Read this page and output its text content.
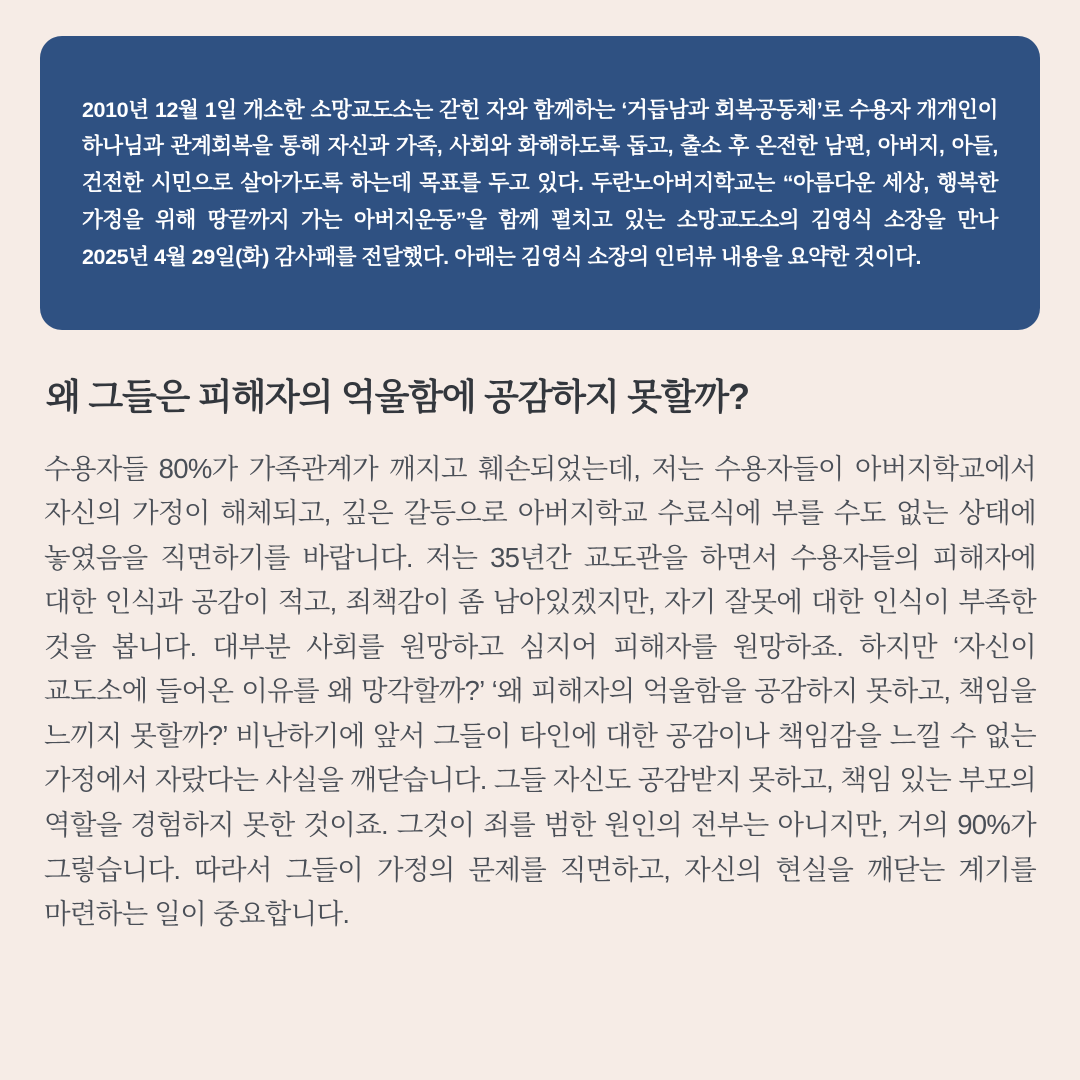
2010년 12월 1일 개소한 소망교도소는 갇힌 자와 함께하는 ‘거듭남과 회복공동체’로 수용자 개개인이 하나님과 관계회복을 통해 자신과 가족, 사회와 화해하도록 돕고, 출소 후 온전한 남편, 아버지, 아들, 건전한 시민으로 살아가도록 하는데 목표를 두고 있다. 두란노아버지학교는 “아름다운 세상, 행복한 가정을 위해 땅끝까지 가는 아버지운동”을 함께 펼치고 있는 소망교도소의 김영식 소장을 만나 2025년 4월 29일(화) 감사패를 전달했다. 아래는 김영식 소장의 인터뷰 내용을 요약한 것이다.

왜 그들은 피해자의 억울함에 공감하지 못할까?

수용자들 80%가 가족관계가 깨지고 훼손되었는데, 저는 수용자들이 아버지학교에서 자신의 가정이 해체되고, 깊은 갈등으로 아버지학교 수료식에 부를 수도 없는 상태에 놓였음을 직면하기를 바랍니다. 저는 35년간 교도관을 하면서 수용자들의 피해자에 대한 인식과 공감이 적고, 죄책감이 좀 남아있겠지만, 자기 잘못에 대한 인식이 부족한 것을 봅니다. 대부분 사회를 원망하고 심지어 피해자를 원망하죠. 하지만 ‘자신이 교도소에 들어온 이유를 왜 망각할까?’ ‘왜 피해자의 억울함을 공감하지 못하고, 책임을 느끼지 못할까?’ 비난하기에 앞서 그들이 타인에 대한 공감이나 책임감을 느낄 수 없는 가정에서 자랐다는 사실을 깨닫습니다. 그들 자신도 공감받지 못하고, 책임 있는 부모의 역할을 경험하지 못한 것이죠. 그것이 죄를 범한 원인의 전부는 아니지만, 거의 90%가 그렇습니다. 따라서 그들이 가정의 문제를 직면하고, 자신의 현실을 깨닫는 계기를 마련하는 일이 중요합니다.
